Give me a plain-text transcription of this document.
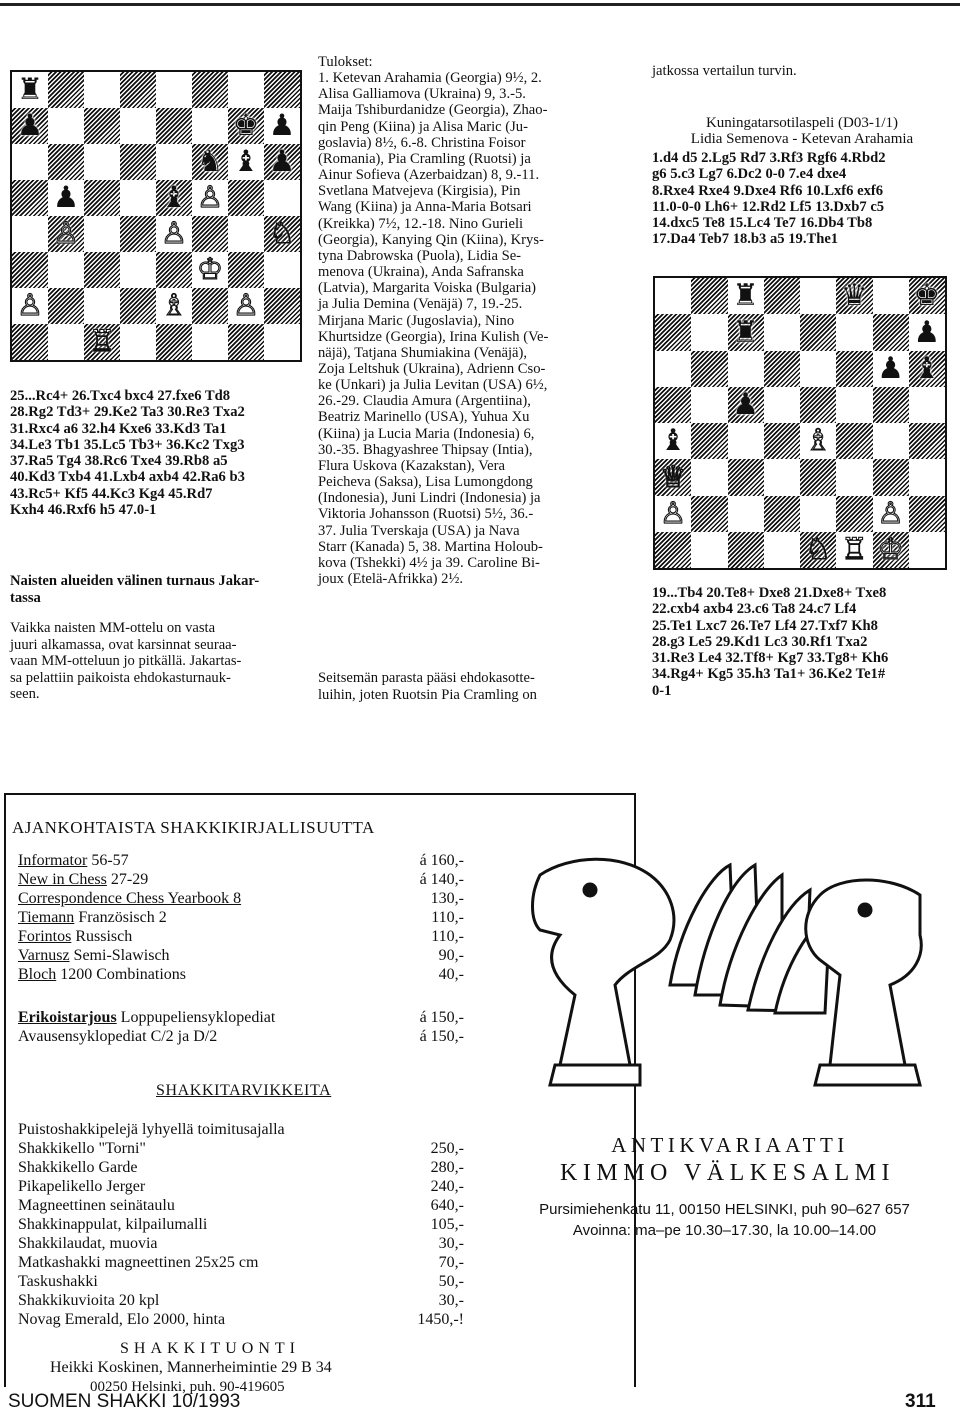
♜
♟	♚ ♟
♞ ♝ ♟
♟	♝ ♙
♙	♙	♘
♔
♙	♗ ♙
♖
25...Rc4+ 26.Txc4 bxc4 27.fxe6 Td8
28.Rg2 Td3+ 29.Ke2 Ta3 30.Re3 Txa2
31.Rxc4 a6 32.h4 Kxe6 33.Kd3 Ta1
34.Le3 Tb1 35.Lc5 Tb3+ 36.Kc2 Txg3
37.Ra5 Tg4 38.Rc6 Txe4 39.Rb8 a5
40.Kd3 Txb4 41.Lxb4 axb4 42.Ra6 b3
43.Rc5+ Kf5 44.Kc3 Kg4 45.Rd7
Kxh4 46.Rxf6 h5 47.0-1
Naisten alueiden välinen turnaus Jakar-
tassa
Vaikka naisten MM-ottelu on vasta
juuri alkamassa, ovat karsinnat seuraa-
vaan MM-otteluun jo pitkällä. Jakartas-
sa pelattiin paikoista ehdokasturnauk-
seen.
Tulokset:
1. Ketevan Arahamia (Georgia) 9½, 2.
Alisa Galliamova (Ukraina) 9, 3.-5.
Maija Tshiburdanidze (Georgia), Zhao-
qin Peng (Kiina) ja Alisa Maric (Ju-
goslavia) 8½, 6.-8. Christina Foisor
(Romania), Pia Cramling (Ruotsi) ja
Ainur Sofieva (Azerbaidzan) 8, 9.-11.
Svetlana Matvejeva (Kirgisia), Pin
Wang (Kiina) ja Anna-Maria Botsari
(Kreikka) 7½, 12.-18. Nino Gurieli
(Georgia), Kanying Qin (Kiina), Krys-
tyna Dabrowska (Puola), Lidia Se-
menova (Ukraina), Anda Safranska
(Latvia), Margarita Voiska (Bulgaria)
ja Julia Demina (Venäjä) 7, 19.-25.
Mirjana Maric (Jugoslavia), Nino
Khurtsidze (Georgia), Irina Kulish (Ve-
näjä), Tatjana Shumiakina (Venäjä),
Zoja Leltshuk (Ukraina), Adrienn Cso-
ke (Unkari) ja Julia Levitan (USA) 6½,
26.-29. Claudia Amura (Argentiina),
Beatriz Marinello (USA), Yuhua Xu
(Kiina) ja Lucia Maria (Indonesia) 6,
30.-35. Bhagyashree Thipsay (Intia),
Flura Uskova (Kazakstan), Vera
Peicheva (Saksa), Lisa Lumongdong
(Indonesia), Juni Lindri (Indonesia) ja
Viktoria Johansson (Ruotsi) 5½, 36.-
37. Julia Tverskaja (USA) ja Nava
Starr (Kanada) 5, 38. Martina Holoub-
kova (Tshekki) 4½ ja 39. Caroline Bi-
joux (Etelä-Afrikka) 2½.
Seitsemän parasta pääsi ehdokasotte-
luihin, joten Ruotsin Pia Cramling on
jatkossa vertailun turvin.
Kuningatarsotilaspeli (D03-1/1)
Lidia Semenova - Ketevan Arahamia
1.d4 d5 2.Lg5 Rd7 3.Rf3 Rgf6 4.Rbd2
g6 5.c3 Lg7 6.Dc2 0-0 7.e4 dxe4
8.Rxe4 Rxe4 9.Dxe4 Rf6 10.Lxf6 exf6
11.0-0-0 Lh6+ 12.Rd2 Lf5 13.Dxb7 c5
14.dxc5 Te8 15.Lc4 Te7 16.Db4 Tb8
17.Da4 Teb7 18.b3 a5 19.The1
♜	♛ ♚
♜	♟
♟ ♝
♟
♝	♗
♕
♙	♙
♘ ♖ ♔
19...Tb4 20.Te8+ Dxe8 21.Dxe8+ Txe8
22.cxb4 axb4 23.c6 Ta8 24.c7 Lf4
25.Te1 Lxc7 26.Te7 Lf4 27.Txf7 Kh8
28.g3 Le5 29.Kd1 Lc3 30.Rf1 Txa2
31.Re3 Le4 32.Tf8+ Kg7 33.Tg8+ Kh6
34.Rg4+ Kg5 35.h3 Ta1+ 36.Ke2 Te1#
0-1
AJANKOHTAISTA SHAKKIKIRJALLISUUTTA
Informator 56-57	á 160,-
New in Chess 27-29	á 140,-
Correspondence Chess Yearbook 8	130,-
Tiemann Französisch 2	110,-
Forintos Russisch	110,-
Varnusz Semi-Slawisch	90,-
Bloch 1200 Combinations	40,-
Erikoistarjous Loppupeliensyklopediat	á 150,-
Avausensyklopediat C/2 ja D/2	á 150,-
SHAKKITARVIKKEITA
Puistoshakkipelejä lyhyellä toimitusajalla
Shakkikello "Torni"	250,-
Shakkikello Garde	280,-
Pikapelikello Jerger	240,-
Magneettinen seinätaulu	640,-
Shakkinappulat, kilpailumalli	105,-
Shakkilaudat, muovia	30,-
Matkashakki magneettinen 25x25 cm	70,-
Taskushakki	50,-
Shakkikuvioita 20 kpl	30,-
Novag Emerald, Elo 2000, hinta	1450,-!
SHAKKITUONTI
Heikki Koskinen, Mannerheimintie 29 B 34
00250 Helsinki, puh. 90-419605
ANTIKVARIAATTI
KIMMO VÄLKESALMI
Pursimiehenkatu 11, 00150 HELSINKI, puh 90–627 657
Avoinna: ma–pe 10.30–17.30, la 10.00–14.00
SUOMEN SHAKKI 10/1993	311
